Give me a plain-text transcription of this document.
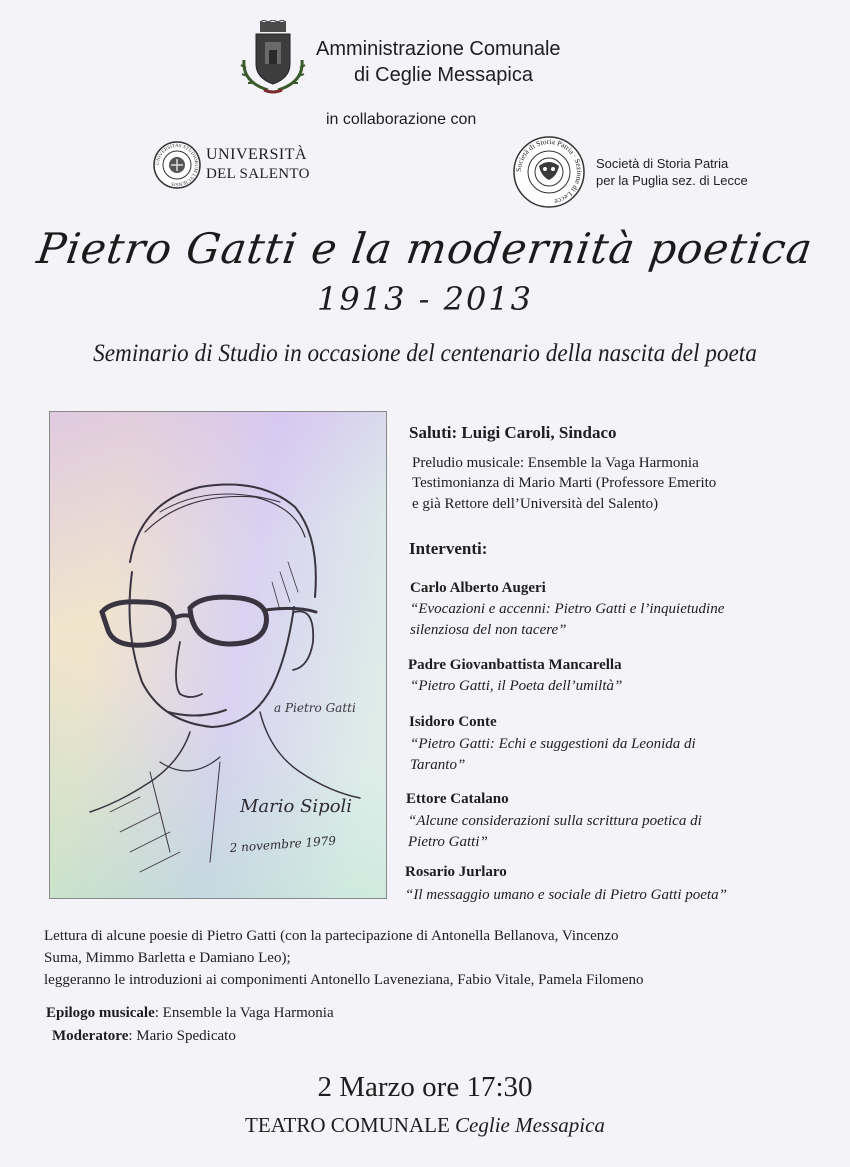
Amministrazione Comunale
di Ceglie Messapica
in collaborazione con
UNIVERSITAS STUDIORUM LYCIENSIS
UNIVERSITÀ
DEL SALENTO	Società di Storia Patria · Sezione di Lecce
Società di Storia Patria
per la Puglia sez. di Lecce
Pietro Gatti e la modernità poetica
1913 - 2013
Seminario di Studio in occasione del centenario della nascita del poeta
a Pietro Gatti
Mario Sipoli
2 novembre 1979
Saluti: Luigi Caroli, Sindaco
Preludio musicale: Ensemble la Vaga Harmonia
Testimonianza di Mario Marti (Professore Emerito
e già Rettore dell’Università del Salento)
Interventi:
Carlo Alberto Augeri
“Evocazioni e accenni: Pietro Gatti e l’inquietudine
silenziosa del non tacere”
Padre Giovanbattista Mancarella
“Pietro Gatti, il Poeta dell’umiltà”
Isidoro Conte
“Pietro Gatti: Echi e suggestioni da Leonida di
Taranto”
Ettore Catalano
“Alcune considerazioni sulla scrittura poetica di
Pietro Gatti”
Rosario Jurlaro
“Il messaggio umano e sociale di Pietro Gatti poeta”
Lettura di alcune poesie di Pietro Gatti (con la partecipazione di Antonella Bellanova, Vincenzo
Suma, Mimmo Barletta e Damiano Leo);
leggeranno le introduzioni ai componimenti Antonello Laveneziana, Fabio Vitale, Pamela Filomeno
Epilogo musicale: Ensemble la Vaga Harmonia
Moderatore: Mario Spedicato
2 Marzo ore 17:30
TEATRO COMUNALE Ceglie Messapica
